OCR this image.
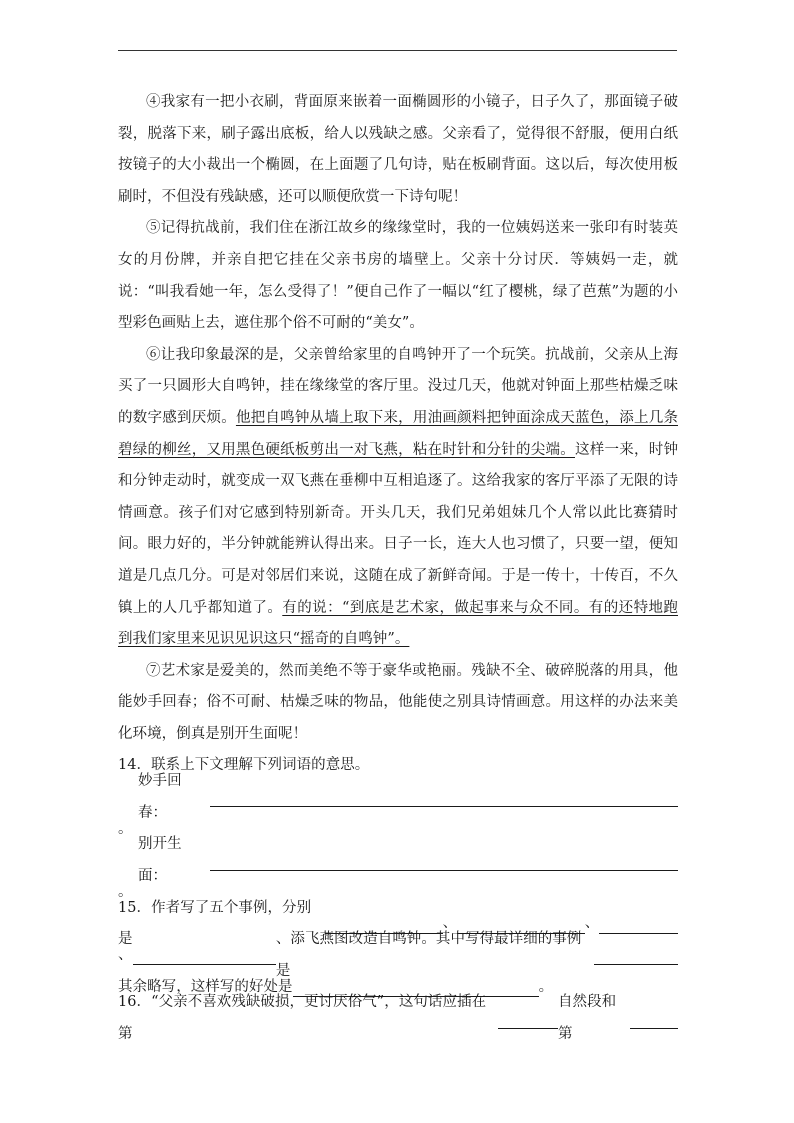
④我家有一把小衣刷，背面原来嵌着一面椭圆形的小镜子，日子久了，那面镜子破裂，脱落下来，刷子露出底板，给人以残缺之感。父亲看了，觉得很不舒服，便用白纸按镜子的大小裁出一个椭圆，在上面题了几句诗，贴在板刷背面。这以后，每次使用板刷时，不但没有残缺感，还可以顺便欣赏一下诗句呢！

⑤记得抗战前，我们住在浙江故乡的缘缘堂时，我的一位姨妈送来一张印有时装英女的月份牌，并亲自把它挂在父亲书房的墙壁上。父亲十分讨厌．等姨妈一走，就说：“叫我看她一年，怎么受得了！”便自己作了一幅以“红了樱桃，绿了芭蕉”为题的小型彩色画贴上去，遮住那个俗不可耐的“美女”。

⑥让我印象最深的是，父亲曾给家里的自鸣钟开了一个玩笑。抗战前，父亲从上海买了一只圆形大自鸣钟，挂在缘缘堂的客厅里。没过几天，他就对钟面上那些枯燥乏味的数字感到厌烦。他把自鸣钟从墙上取下来，用油画颜料把钟面涂成天蓝色，添上几条碧绿的柳丝，又用黑色硬纸板剪出一对飞燕，粘在时针和分针的尖端。这样一来，时钟和分钟走动时，就变成一双飞燕在垂柳中互相追逐了。这给我家的客厅平添了无限的诗情画意。孩子们对它感到特别新奇。开头几天，我们兄弟姐妹几个人常以此比赛猜时间。眼力好的，半分钟就能辨认得出来。日子一长，连大人也习惯了，只要一望，便知道是几点几分。可是对邻居们来说，这随在成了新鲜奇闻。于是一传十，十传百，不久镇上的人几乎都知道了。有的说：“到底是艺术家，做起事来与众不同。有的还特地跑到我们家里来见识见识这只“摇奇的自鸣钟”。

⑦艺术家是爱美的，然而美绝不等于豪华或艳丽。残缺不全、破碎脱落的用具，他能妙手回春；俗不可耐、枯燥乏味的物品，他能使之别具诗情画意。用这样的办法来美化环境，倒真是别开生面呢！

14．联系上下文理解下列词语的意思。
妙手回春：
。
别开生面：
。
15．作者写了五个事例，分别是
、	、
、
、添飞燕图改造自鸣钟。其中写得最详细的事例是
其余略写，这样写的好处是	。
16．“父亲不喜欢残缺破损，更讨厌俗气”，这句话应插在第
自然段和第
